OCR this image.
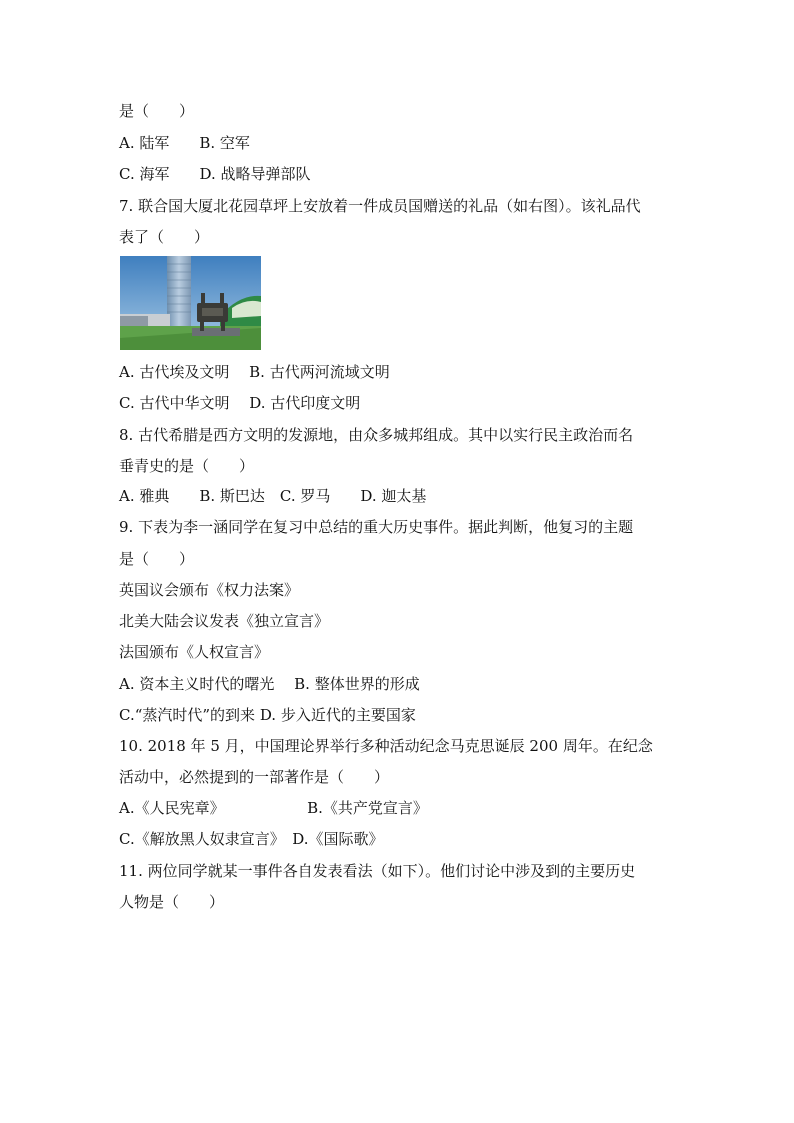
是（　　）
A. 陆军　　B. 空军
C. 海军　　D. 战略导弹部队
7. 联合国大厦北花园草坪上安放着一件成员国赠送的礼品（如右图）。该礼品代
表了（　　）
A. 古代埃及文明　 B. 古代两河流域文明
C. 古代中华文明　 D. 古代印度文明
8. 古代希腊是西方文明的发源地，由众多城邦组成。其中以实行民主政治而名
垂青史的是（　　）
A. 雅典　　B. 斯巴达　C. 罗马　　D. 迦太基
9. 下表为李一涵同学在复习中总结的重大历史事件。据此判断，他复习的主题
是（　　）
英国议会颁布《权力法案》
北美大陆会议发表《独立宣言》
法国颁布《人权宣言》
A. 资本主义时代的曙光　 B. 整体世界的形成
C.“蒸汽时代”的到来 D. 步入近代的主要国家
10. 2018 年 5 月，中国理论界举行多种活动纪念马克思诞辰 200 周年。在纪念
活动中，必然提到的一部著作是（　　）
A.《人民宪章》　　　　　　B.《共产党宣言》
C.《解放黑人奴隶宣言》　D.《国际歌》
11. 两位同学就某一事件各自发表看法（如下）。他们讨论中涉及到的主要历史
人物是（　　）
